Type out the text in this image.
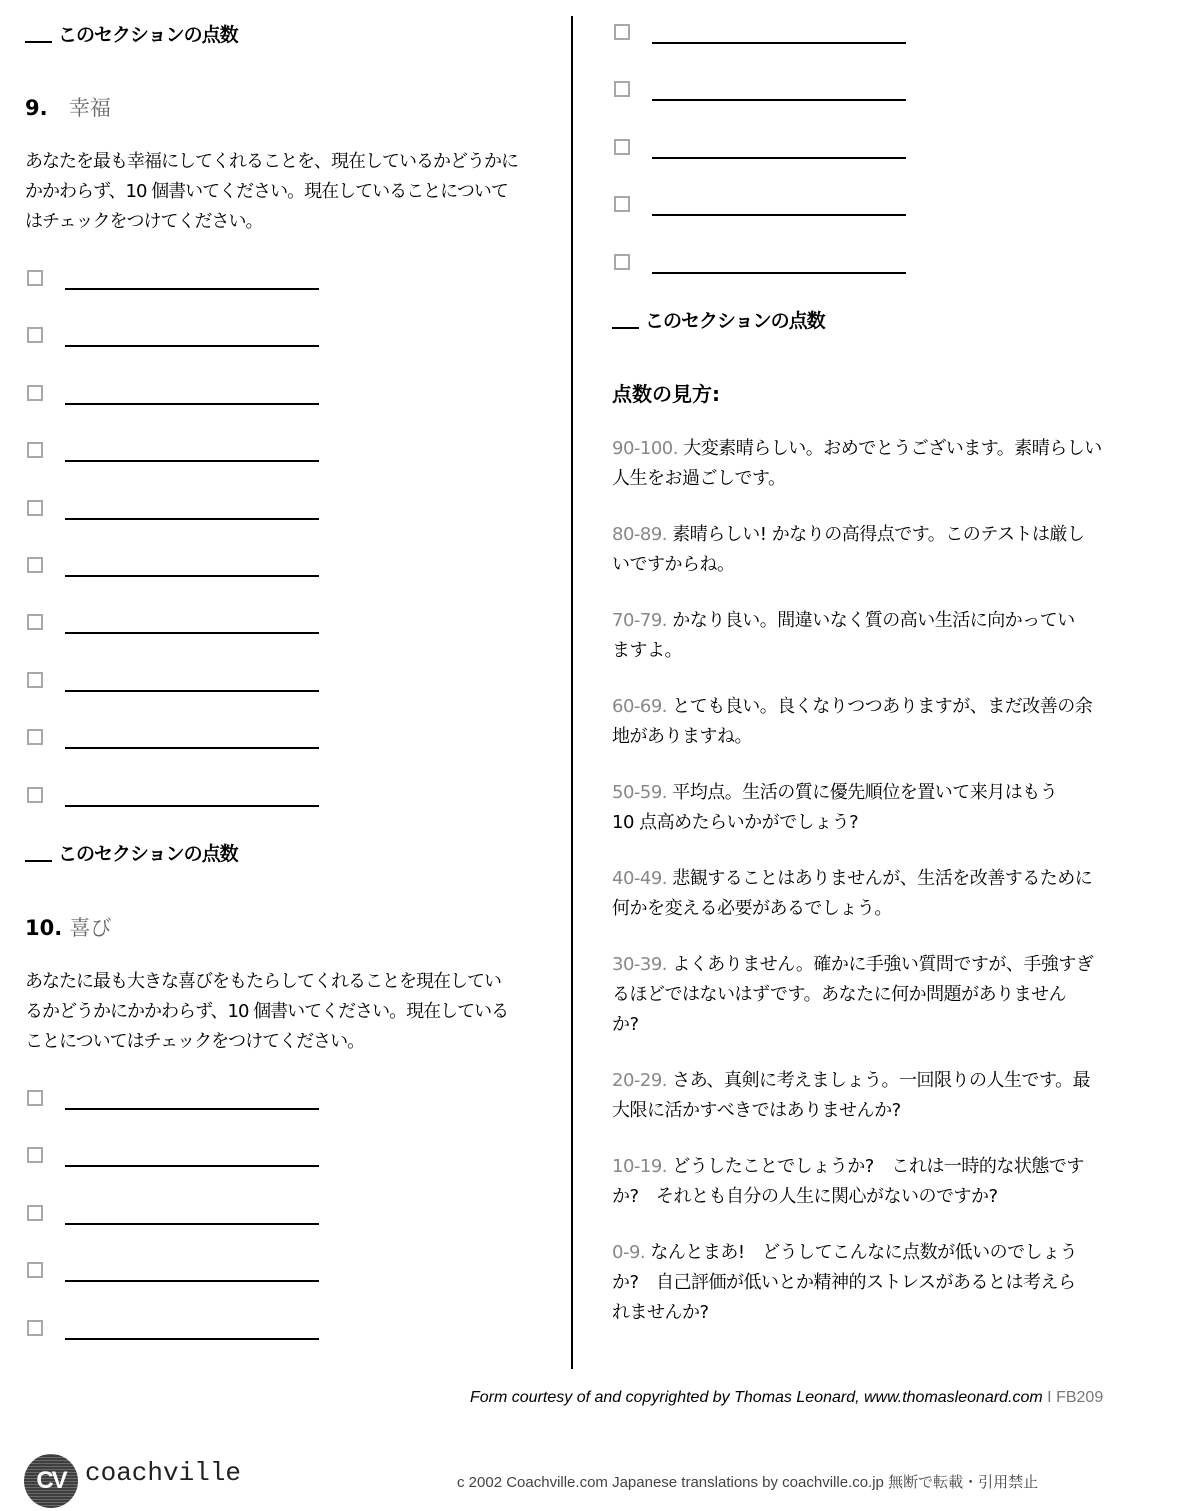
このセクションの点数
9. 幸福
あなたを最も幸福にしてくれることを、現在しているかどうかに
かかわらず、10 個書いてください。現在していることについて
はチェックをつけてください。
このセクションの点数
10. 喜び
あなたに最も大きな喜びをもたらしてくれることを現在してい
るかどうかにかかわらず、10 個書いてください。現在している
ことについてはチェックをつけてください。
このセクションの点数
点数の見方:
90-100. 大変素晴らしい。おめでとうございます。素晴らしい
人生をお過ごしです。
80-89. 素晴らしい! かなりの高得点です。このテストは厳し
いですからね。
70-79. かなり良い。間違いなく質の高い生活に向かってい
ますよ。
60-69. とても良い。良くなりつつありますが、まだ改善の余
地がありますね。
50-59. 平均点。生活の質に優先順位を置いて来月はもう
10 点高めたらいかがでしょう?
40-49. 悲観することはありませんが、生活を改善するために
何かを変える必要があるでしょう。
30-39. よくありません。確かに手強い質問ですが、手強すぎ
るほどではないはずです。あなたに何か問題がありません
か?
20-29. さあ、真剣に考えましょう。一回限りの人生です。最
大限に活かすべきではありませんか?
10-19. どうしたことでしょうか?　これは一時的な状態です
か?　それとも自分の人生に関心がないのですか?
0-9. なんとまあ!　どうしてこんなに点数が低いのでしょう
か?　自己評価が低いとか精神的ストレスがあるとは考えら
れませんか?
Form courtesy of and copyrighted by Thomas Leonard, www.thomasleonard.com I FB209
CV coachville	c 2002 Coachville.com Japanese translations by coachville.co.jp 無断で転載・引用禁止
